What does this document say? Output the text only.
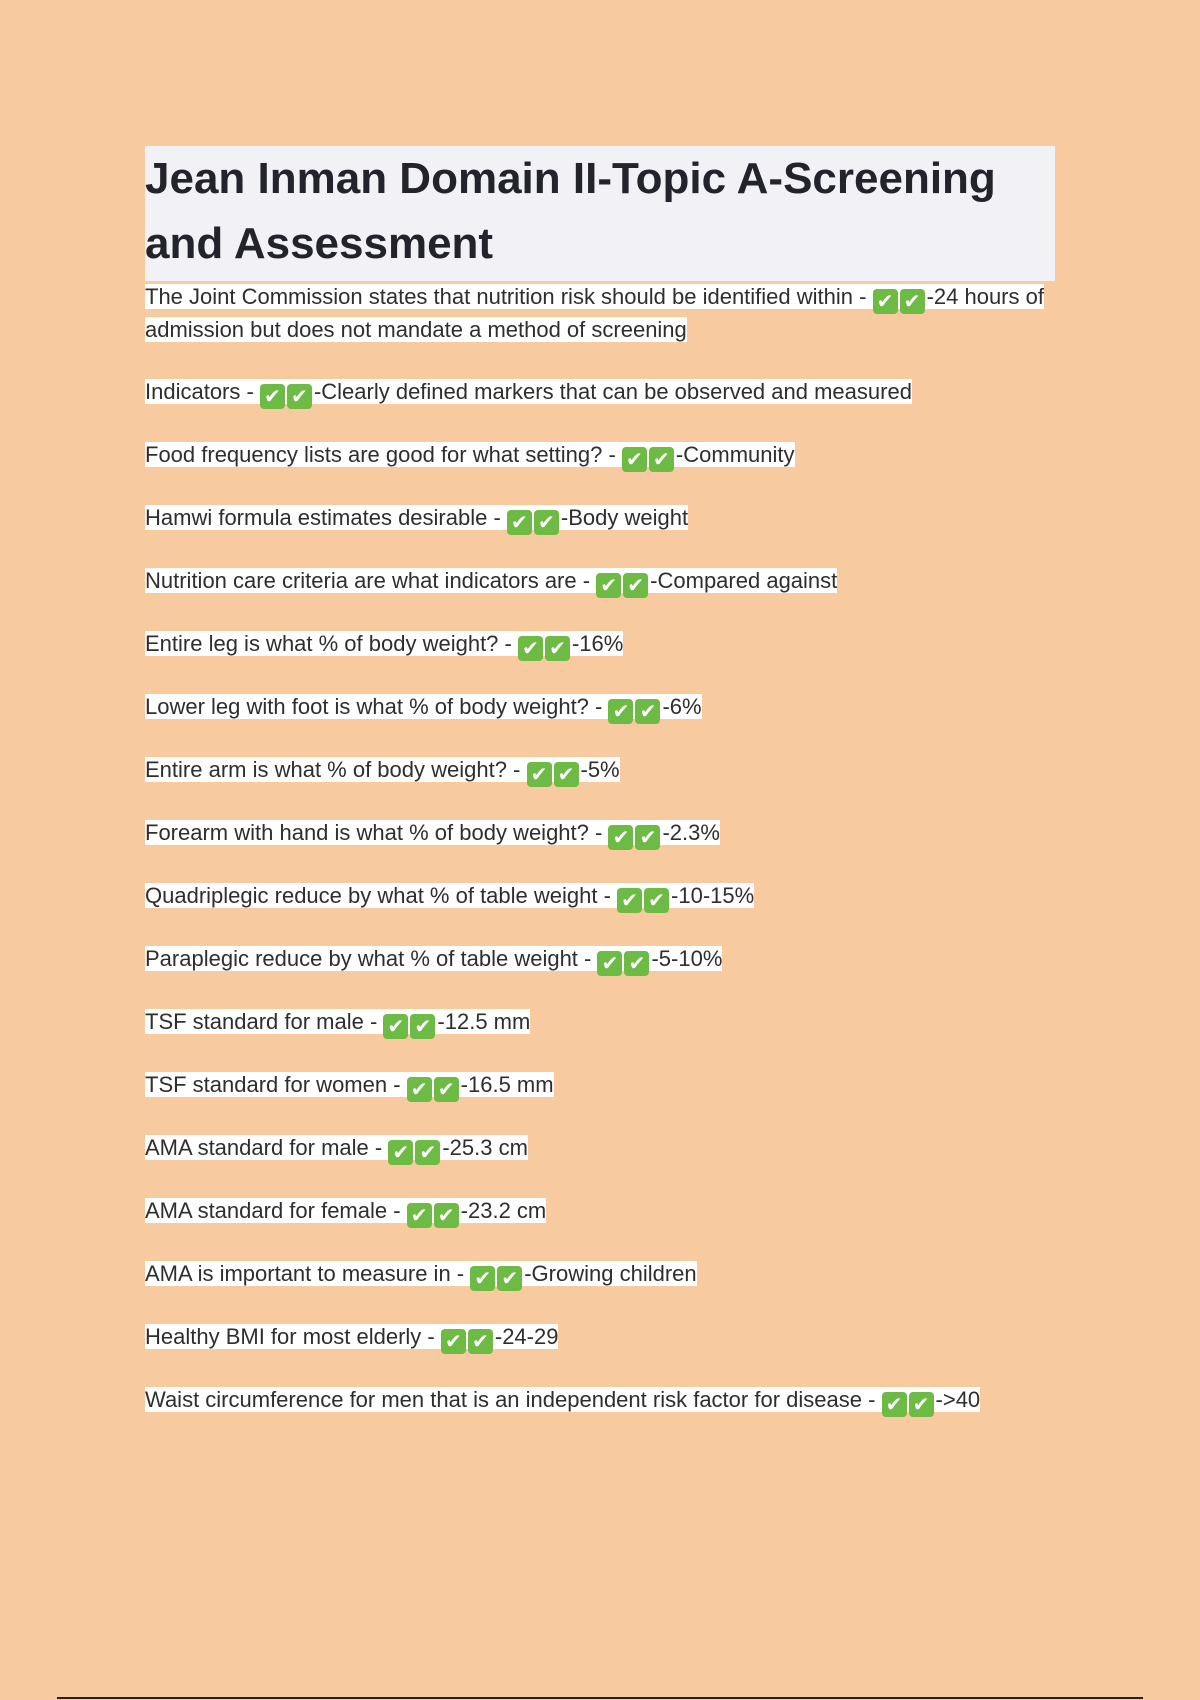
Jean Inman Domain II-Topic A-Screening and Assessment

The Joint Commission states that nutrition risk should be identified within - ✔ ✔ -24 hours of admission but does not mandate a method of screening

Indicators - ✔ ✔ -Clearly defined markers that can be observed and measured

Food frequency lists are good for what setting? - ✔ ✔ -Community

Hamwi formula estimates desirable - ✔ ✔ -Body weight

Nutrition care criteria are what indicators are - ✔ ✔ -Compared against

Entire leg is what % of body weight? - ✔ ✔ -16%

Lower leg with foot is what % of body weight? - ✔ ✔ -6%

Entire arm is what % of body weight? - ✔ ✔ -5%

Forearm with hand is what % of body weight? - ✔ ✔ -2.3%

Quadriplegic reduce by what % of table weight - ✔ ✔ -10-15%

Paraplegic reduce by what % of table weight - ✔ ✔ -5-10%

TSF standard for male - ✔ ✔ -12.5 mm

TSF standard for women - ✔ ✔ -16.5 mm

AMA standard for male - ✔ ✔ -25.3 cm

AMA standard for female - ✔ ✔ -23.2 cm

AMA is important to measure in - ✔ ✔ -Growing children

Healthy BMI for most elderly - ✔ ✔ -24-29

Waist circumference for men that is an independent risk factor for disease - ✔ ✔ ->40
